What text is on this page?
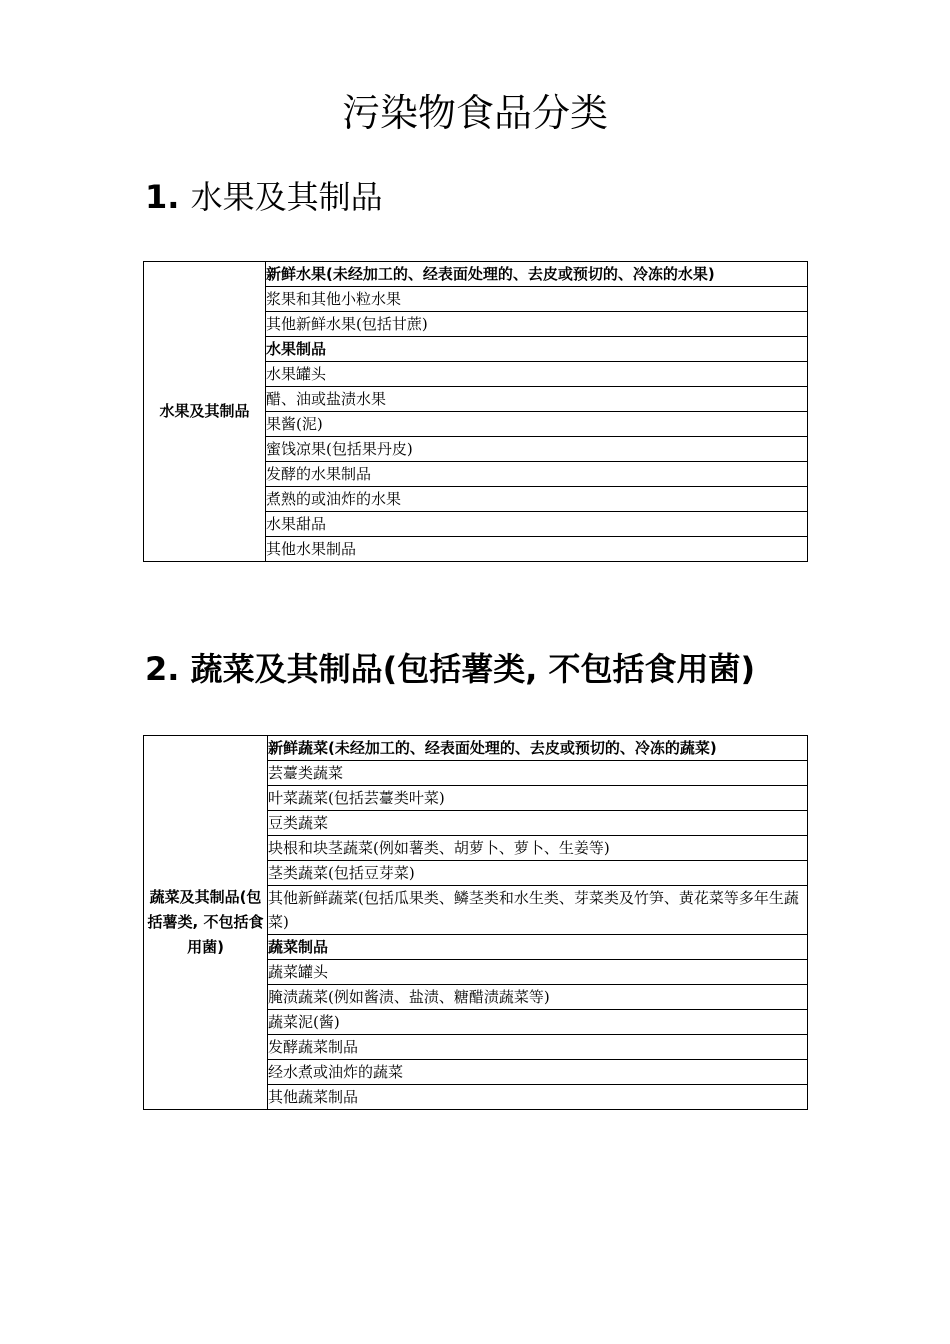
污染物食品分类
1. 水果及其制品
水果及其制品	新鲜水果(未经加工的、经表面处理的、去皮或预切的、冷冻的水果)
浆果和其他小粒水果
其他新鲜水果(包括甘蔗)
水果制品
水果罐头
醋、油或盐渍水果
果酱(泥)
蜜饯凉果(包括果丹皮)
发酵的水果制品
煮熟的或油炸的水果
水果甜品
其他水果制品
2. 蔬菜及其制品(包括薯类, 不包括食用菌)
蔬菜及其制品(包括薯类, 不包括食用菌)	新鲜蔬菜(未经加工的、经表面处理的、去皮或预切的、冷冻的蔬菜)
芸薹类蔬菜
叶菜蔬菜(包括芸薹类叶菜)
豆类蔬菜
块根和块茎蔬菜(例如薯类、胡萝卜、萝卜、生姜等)
茎类蔬菜(包括豆芽菜)
其他新鲜蔬菜(包括瓜果类、鳞茎类和水生类、芽菜类及竹笋、黄花菜等多年生蔬菜)
蔬菜制品
蔬菜罐头
腌渍蔬菜(例如酱渍、盐渍、糖醋渍蔬菜等)
蔬菜泥(酱)
发酵蔬菜制品
经水煮或油炸的蔬菜
其他蔬菜制品
